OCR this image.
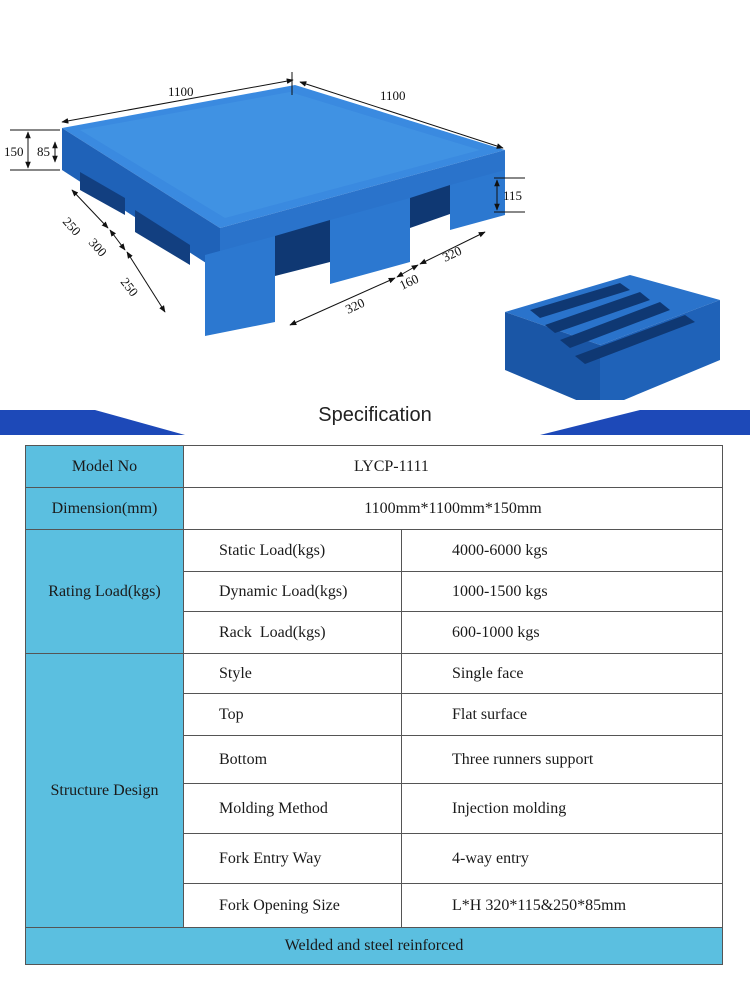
1100	1100
150 85
115
250
300
250
320
160
320
Specification
Model No	LYCP-1111	
Dimension(mm)	1100mm*1100mm*150mm	
Rating Load(kgs)	Static Load(kgs)	4000-6000 kgs
	Dynamic Load(kgs)	1000-1500 kgs
	Rack  Load(kgs)	600-1000 kgs
Structure Design	Style	Single face
	Top	Flat surface
	Bottom	Three runners support
	Molding Method	Injection molding
	Fork Entry Way	4-way entry
	Fork Opening Size	L*H 320*115&250*85mm
Welded and steel reinforced		
